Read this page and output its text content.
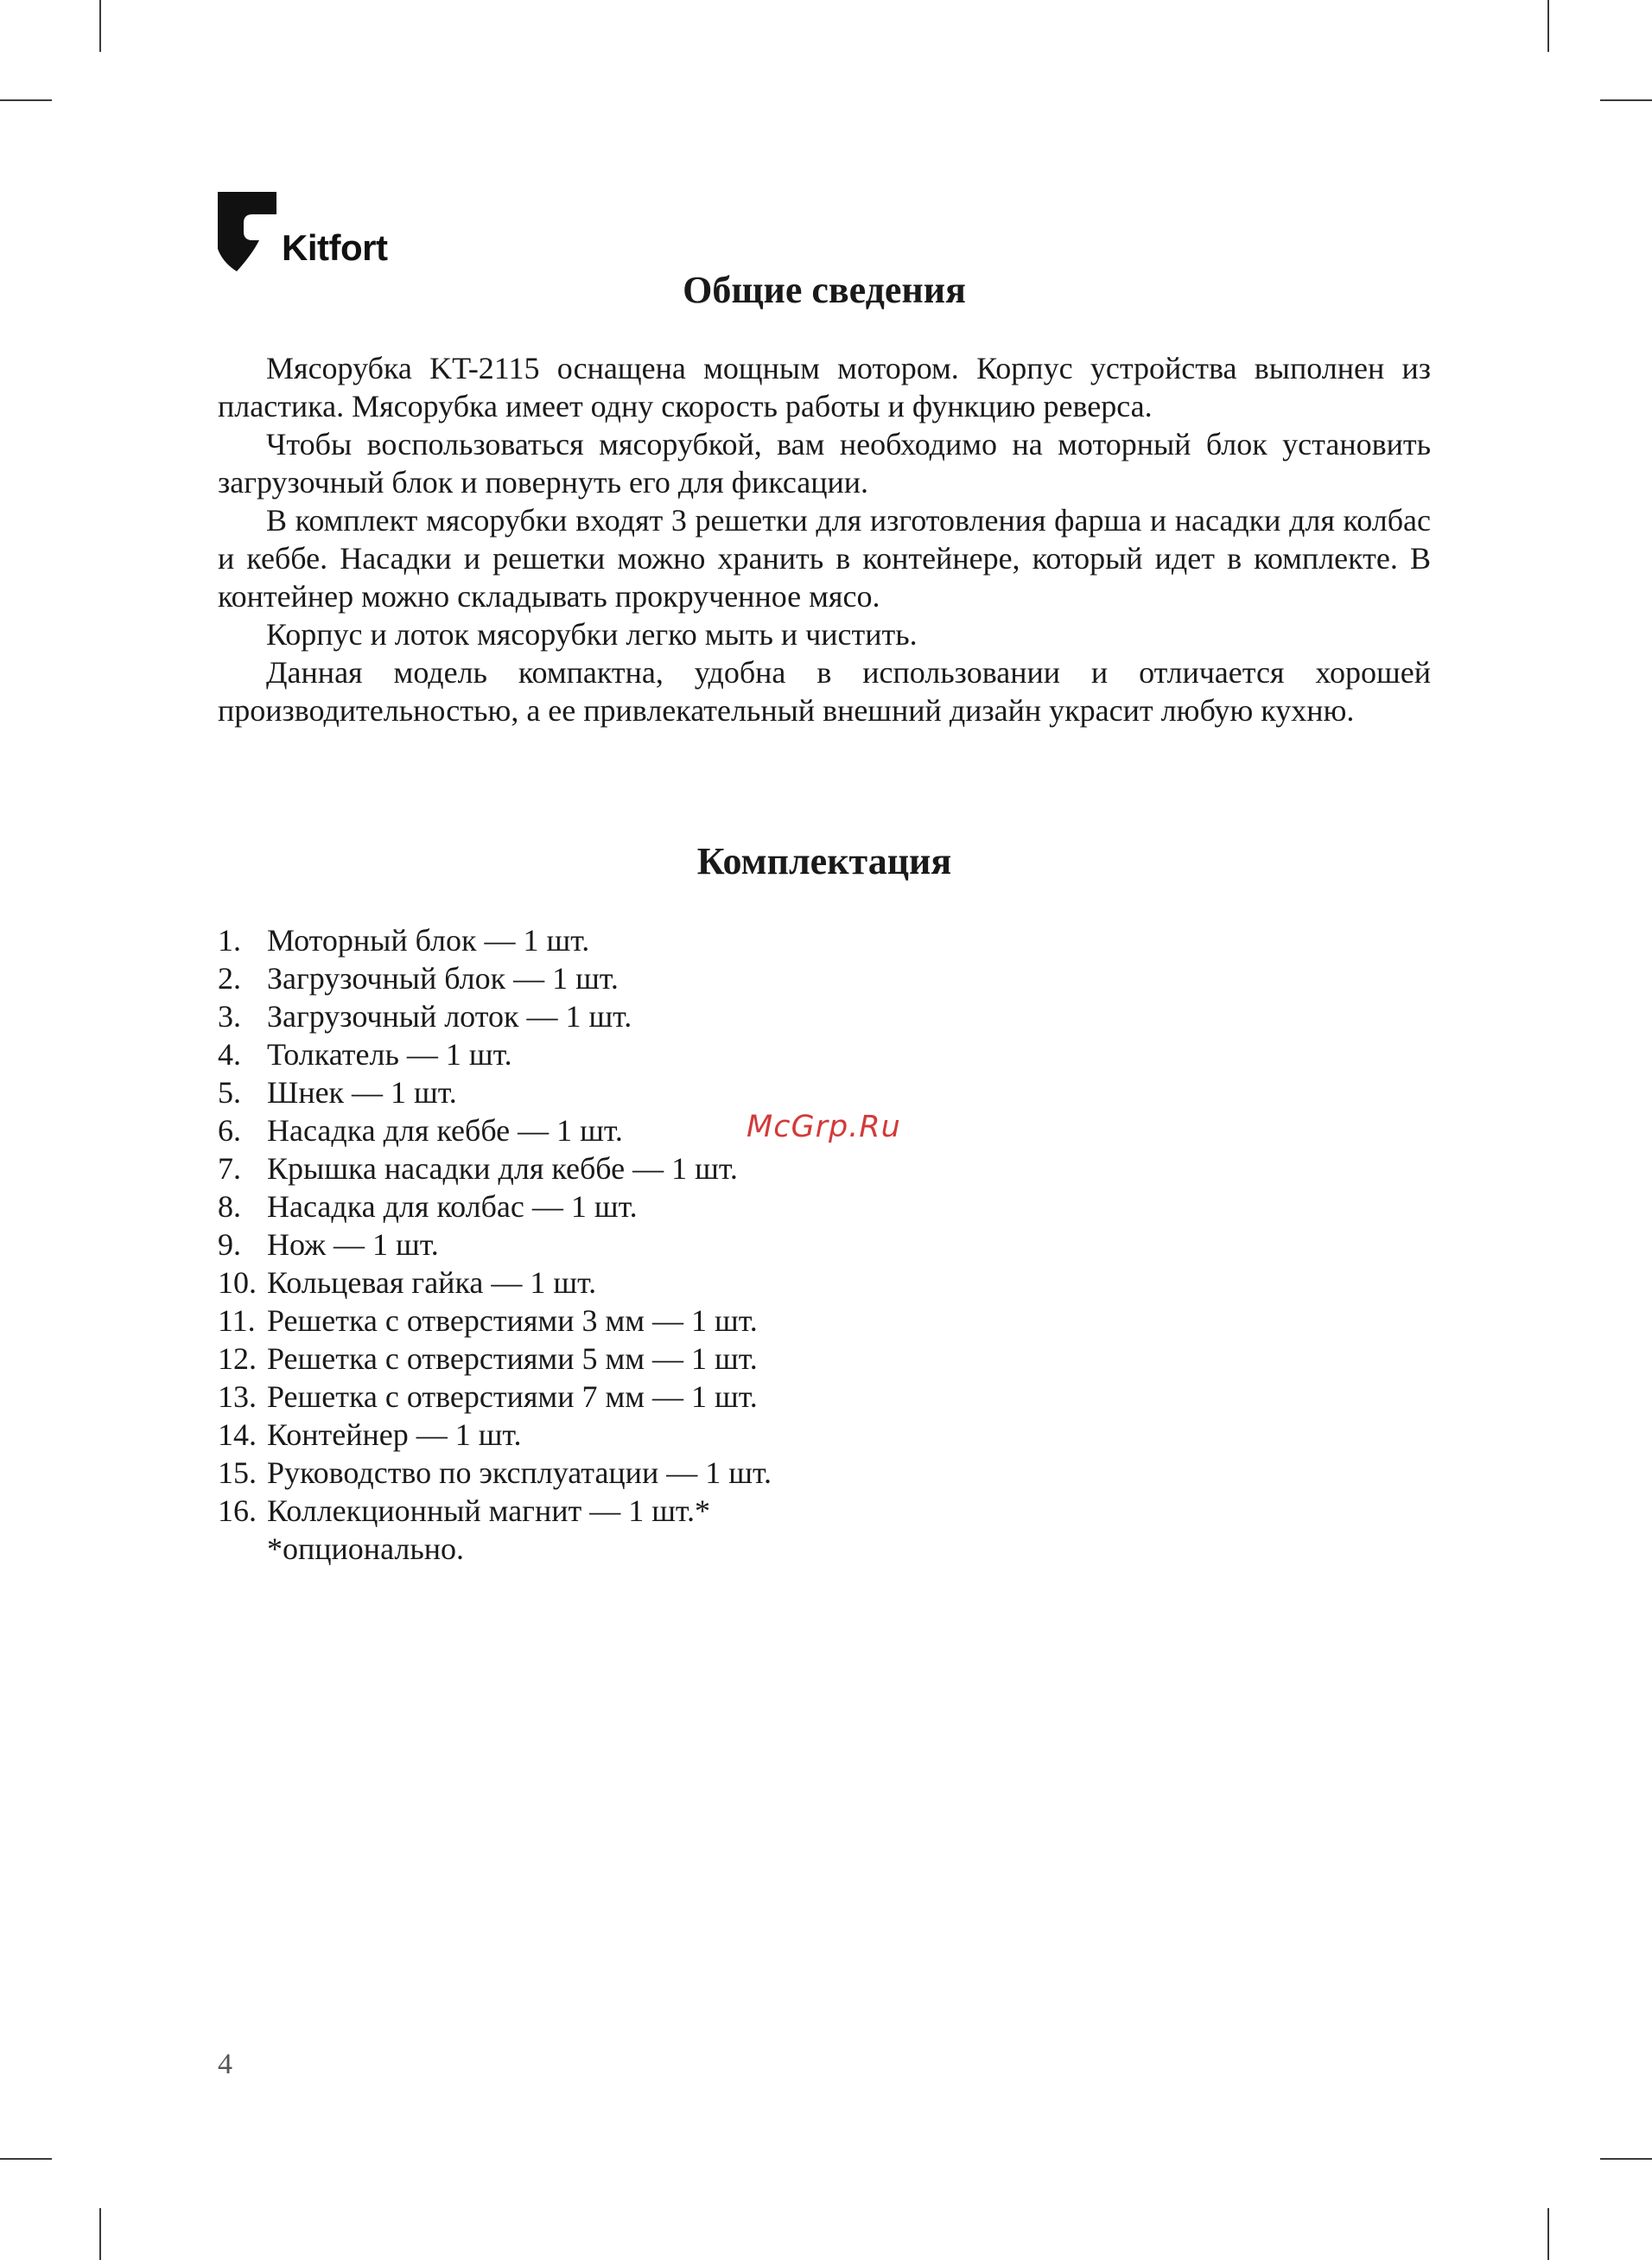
Kitfort
Общие сведения

Мясорубка KT-2115 оснащена мощным мотором. Корпус устройства выполнен из пластика. Мясорубка имеет одну скорость работы и функцию реверса.

Чтобы воспользоваться мясорубкой, вам необходимо на моторный блок установить загрузочный блок и повернуть его для фиксации.

В комплект мясорубки входят 3 решетки для изготовления фарша и насадки для колбас и кеббе. Насадки и решетки можно хранить в контейнере, который идет в комплекте. В контейнер можно складывать прокрученное мясо.

Корпус и лоток мясорубки легко мыть и чистить.

Данная модель компактна, удобна в использовании и отличается хорошей производительностью, а ее привлекательный внешний дизайн украсит любую кухню.

Комплектация
1. Моторный блок — 1 шт.
2. Загрузочный блок — 1 шт.
3. Загрузочный лоток — 1 шт.
4. Толкатель — 1 шт.
5. Шнек — 1 шт.
6. Насадка для кеббе — 1 шт.
7. Крышка насадки для кеббе — 1 шт.
8. Насадка для колбас — 1 шт.
9. Нож — 1 шт.
10. Кольцевая гайка — 1 шт.
11. Решетка с отверстиями 3 мм — 1 шт.
12. Решетка с отверстиями 5 мм — 1 шт.
13. Решетка с отверстиями 7 мм — 1 шт.
14. Контейнер — 1 шт.
15. Руководство по эксплуатации — 1 шт.
16. Коллекционный магнит — 1 шт.*
*опционально.
McGrp.Ru
4
